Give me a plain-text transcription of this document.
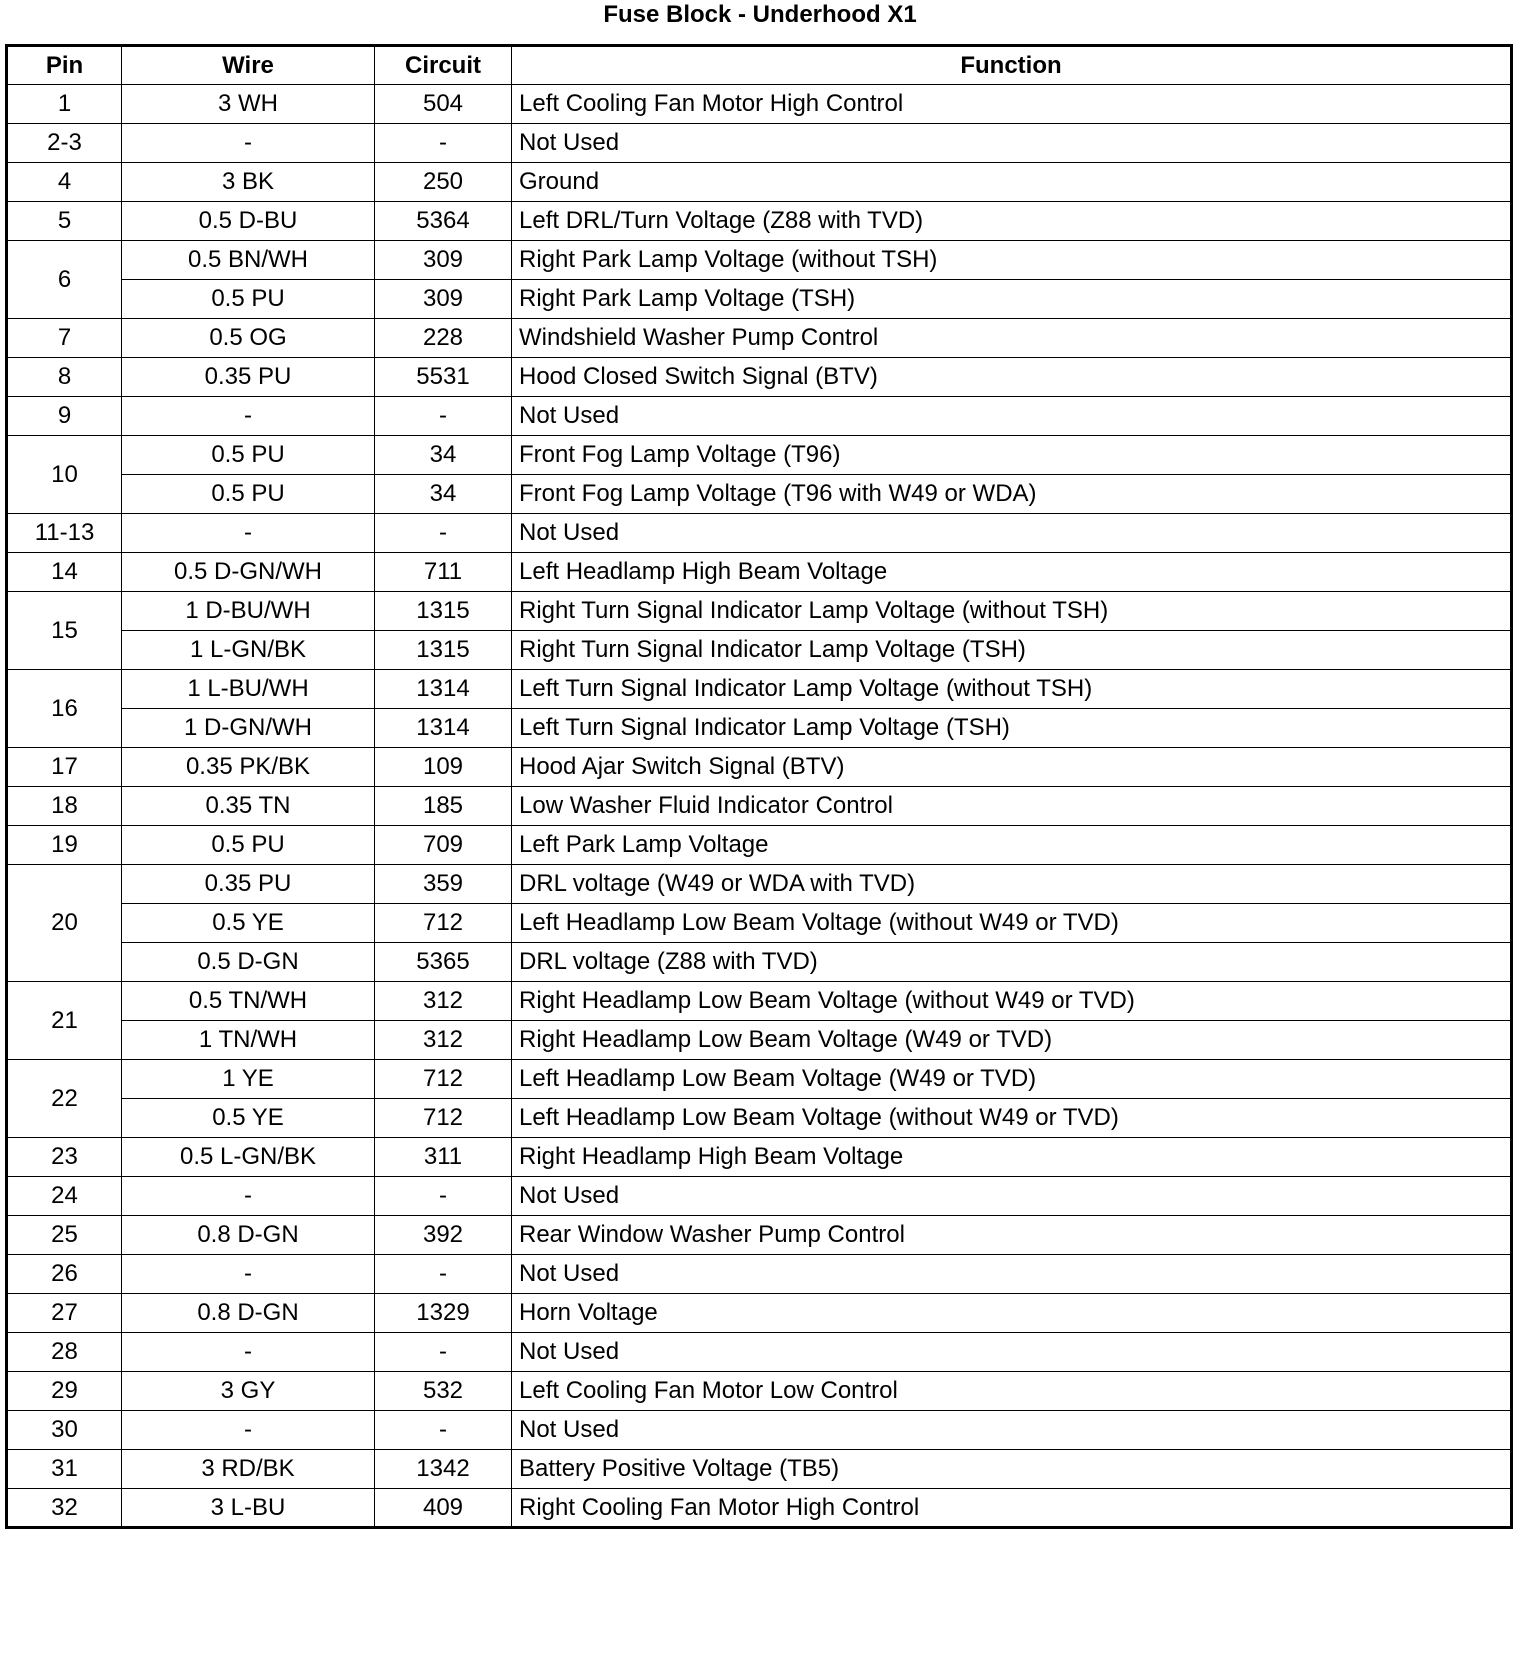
Fuse Block - Underhood X1
Pin	Wire	Circuit	Function
1	3 WH	504	Left Cooling Fan Motor High Control
2-3	-	-	Not Used
4	3 BK	250	Ground
5	0.5 D-BU	5364	Left DRL/Turn Voltage (Z88 with TVD)
6	0.5 BN/WH	309	Right Park Lamp Voltage (without TSH)
	0.5 PU	309	Right Park Lamp Voltage (TSH)
7	0.5 OG	228	Windshield Washer Pump Control
8	0.35 PU	5531	Hood Closed Switch Signal (BTV)
9	-	-	Not Used
10	0.5 PU	34	Front Fog Lamp Voltage (T96)
	0.5 PU	34	Front Fog Lamp Voltage (T96 with W49 or WDA)
11-13	-	-	Not Used
14	0.5 D-GN/WH	711	Left Headlamp High Beam Voltage
15	1 D-BU/WH	1315	Right Turn Signal Indicator Lamp Voltage (without TSH)
	1 L-GN/BK	1315	Right Turn Signal Indicator Lamp Voltage (TSH)
16	1 L-BU/WH	1314	Left Turn Signal Indicator Lamp Voltage (without TSH)
	1 D-GN/WH	1314	Left Turn Signal Indicator Lamp Voltage (TSH)
17	0.35 PK/BK	109	Hood Ajar Switch Signal (BTV)
18	0.35 TN	185	Low Washer Fluid Indicator Control
19	0.5 PU	709	Left Park Lamp Voltage
20	0.35 PU	359	DRL voltage (W49 or WDA with TVD)
	0.5 YE	712	Left Headlamp Low Beam Voltage (without W49 or TVD)
	0.5 D-GN	5365	DRL voltage (Z88 with TVD)
21	0.5 TN/WH	312	Right Headlamp Low Beam Voltage (without W49 or TVD)
	1 TN/WH	312	Right Headlamp Low Beam Voltage (W49 or TVD)
22	1 YE	712	Left Headlamp Low Beam Voltage (W49 or TVD)
	0.5 YE	712	Left Headlamp Low Beam Voltage (without W49 or TVD)
23	0.5 L-GN/BK	311	Right Headlamp High Beam Voltage
24	-	-	Not Used
25	0.8 D-GN	392	Rear Window Washer Pump Control
26	-	-	Not Used
27	0.8 D-GN	1329	Horn Voltage
28	-	-	Not Used
29	3 GY	532	Left Cooling Fan Motor Low Control
30	-	-	Not Used
31	3 RD/BK	1342	Battery Positive Voltage (TB5)
32	3 L-BU	409	Right Cooling Fan Motor High Control
